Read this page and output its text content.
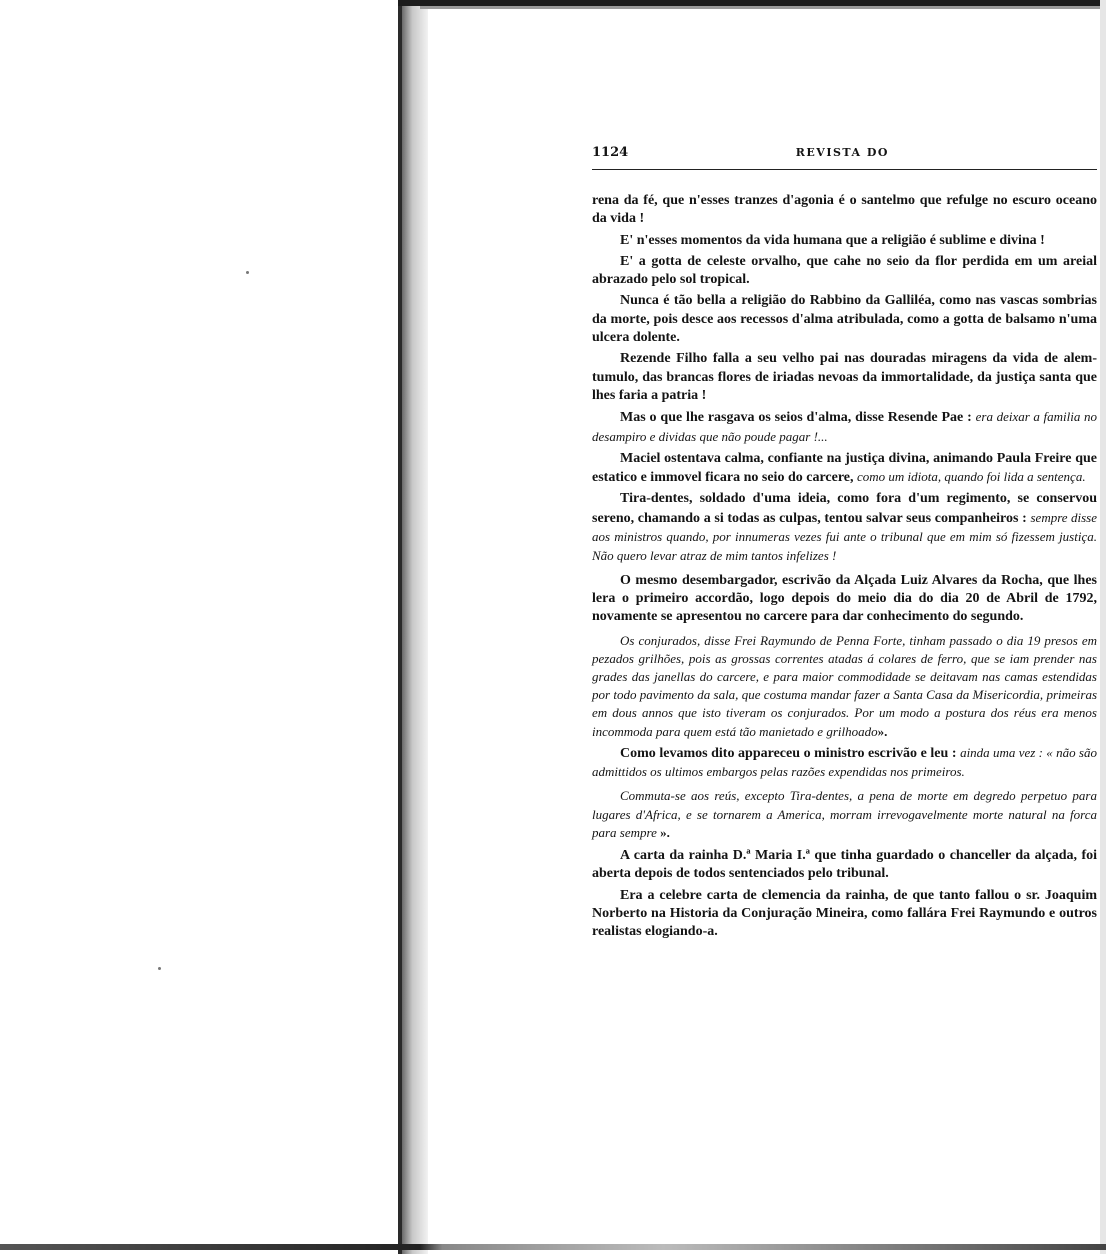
1124	REVISTA DO

rena da fé, que n'esses tranzes d'agonia é o santelmo que refulge no escuro oceano da vida !

E' n'esses momentos da vida humana que a religião é sublime e divina !

E' a gotta de celeste orvalho, que cahe no seio da flor perdida em um areial abrazado pelo sol tropical.

Nunca é tão bella a religião do Rabbino da Galliléa, como nas vascas sombrias da morte, pois desce aos recessos d'alma atribulada, como a gotta de balsamo n'uma ulcera dolente.

Rezende Filho falla a seu velho pai nas douradas miragens da vida de alem-tumulo, das brancas flores de iriadas nevoas da immortalidade, da justiça santa que lhes faria a patria !

Mas o que lhe rasgava os seios d'alma, disse Resende Pae : era deixar a familia no desampiro e dividas que não poude pagar !...

Maciel ostentava calma, confiante na justiça divina, animando Paula Freire que estatico e immovel ficara no seio do carcere, como um idiota, quando foi lida a sentença.

Tira-dentes, soldado d'uma ideia, como fora d'um regimento, se conservou sereno, chamando a si todas as culpas, tentou salvar seus companheiros : sempre disse aos ministros quando, por innumeras vezes fui ante o tribunal que em mim só fizessem justiça. Não quero levar atraz de mim tantos infelizes !

O mesmo desembargador, escrivão da Alçada Luiz Alvares da Rocha, que lhes lera o primeiro accordão, logo depois do meio dia do dia 20 de Abril de 1792, novamente se apresentou no carcere para dar conhecimento do segundo.

Os conjurados, disse Frei Raymundo de Penna Forte, tinham passado o dia 19 presos em pezados grilhões, pois as grossas correntes atadas á colares de ferro, que se iam prender nas grades das janellas do carcere, e para maior commodidade se deitavam nas camas estendidas por todo pavimento da sala, que costuma mandar fazer a Santa Casa da Misericordia, primeiras em dous annos que isto tiveram os conjurados. Por um modo a postura dos réus era menos incommoda para quem está tão manietado e grilhoado».

Como levamos dito appareceu o ministro escrivão e leu : ainda uma vez : « não são admittidos os ultimos embargos pelas razões expendidas nos primeiros.

Commuta-se aos reús, excepto Tira-dentes, a pena de morte em degredo perpetuo para lugares d'Africa, e se tornarem a America, morram irrevogavelmente morte natural na forca para sempre ».

A carta da rainha D.ª Maria I.ª que tinha guardado o chanceller da alçada, foi aberta depois de todos sentenciados pelo tribunal.

Era a celebre carta de clemencia da rainha, de que tanto fallou o sr. Joaquim Norberto na Historia da Conjuração Mineira, como fallára Frei Raymundo e outros realistas elogiando-a.
